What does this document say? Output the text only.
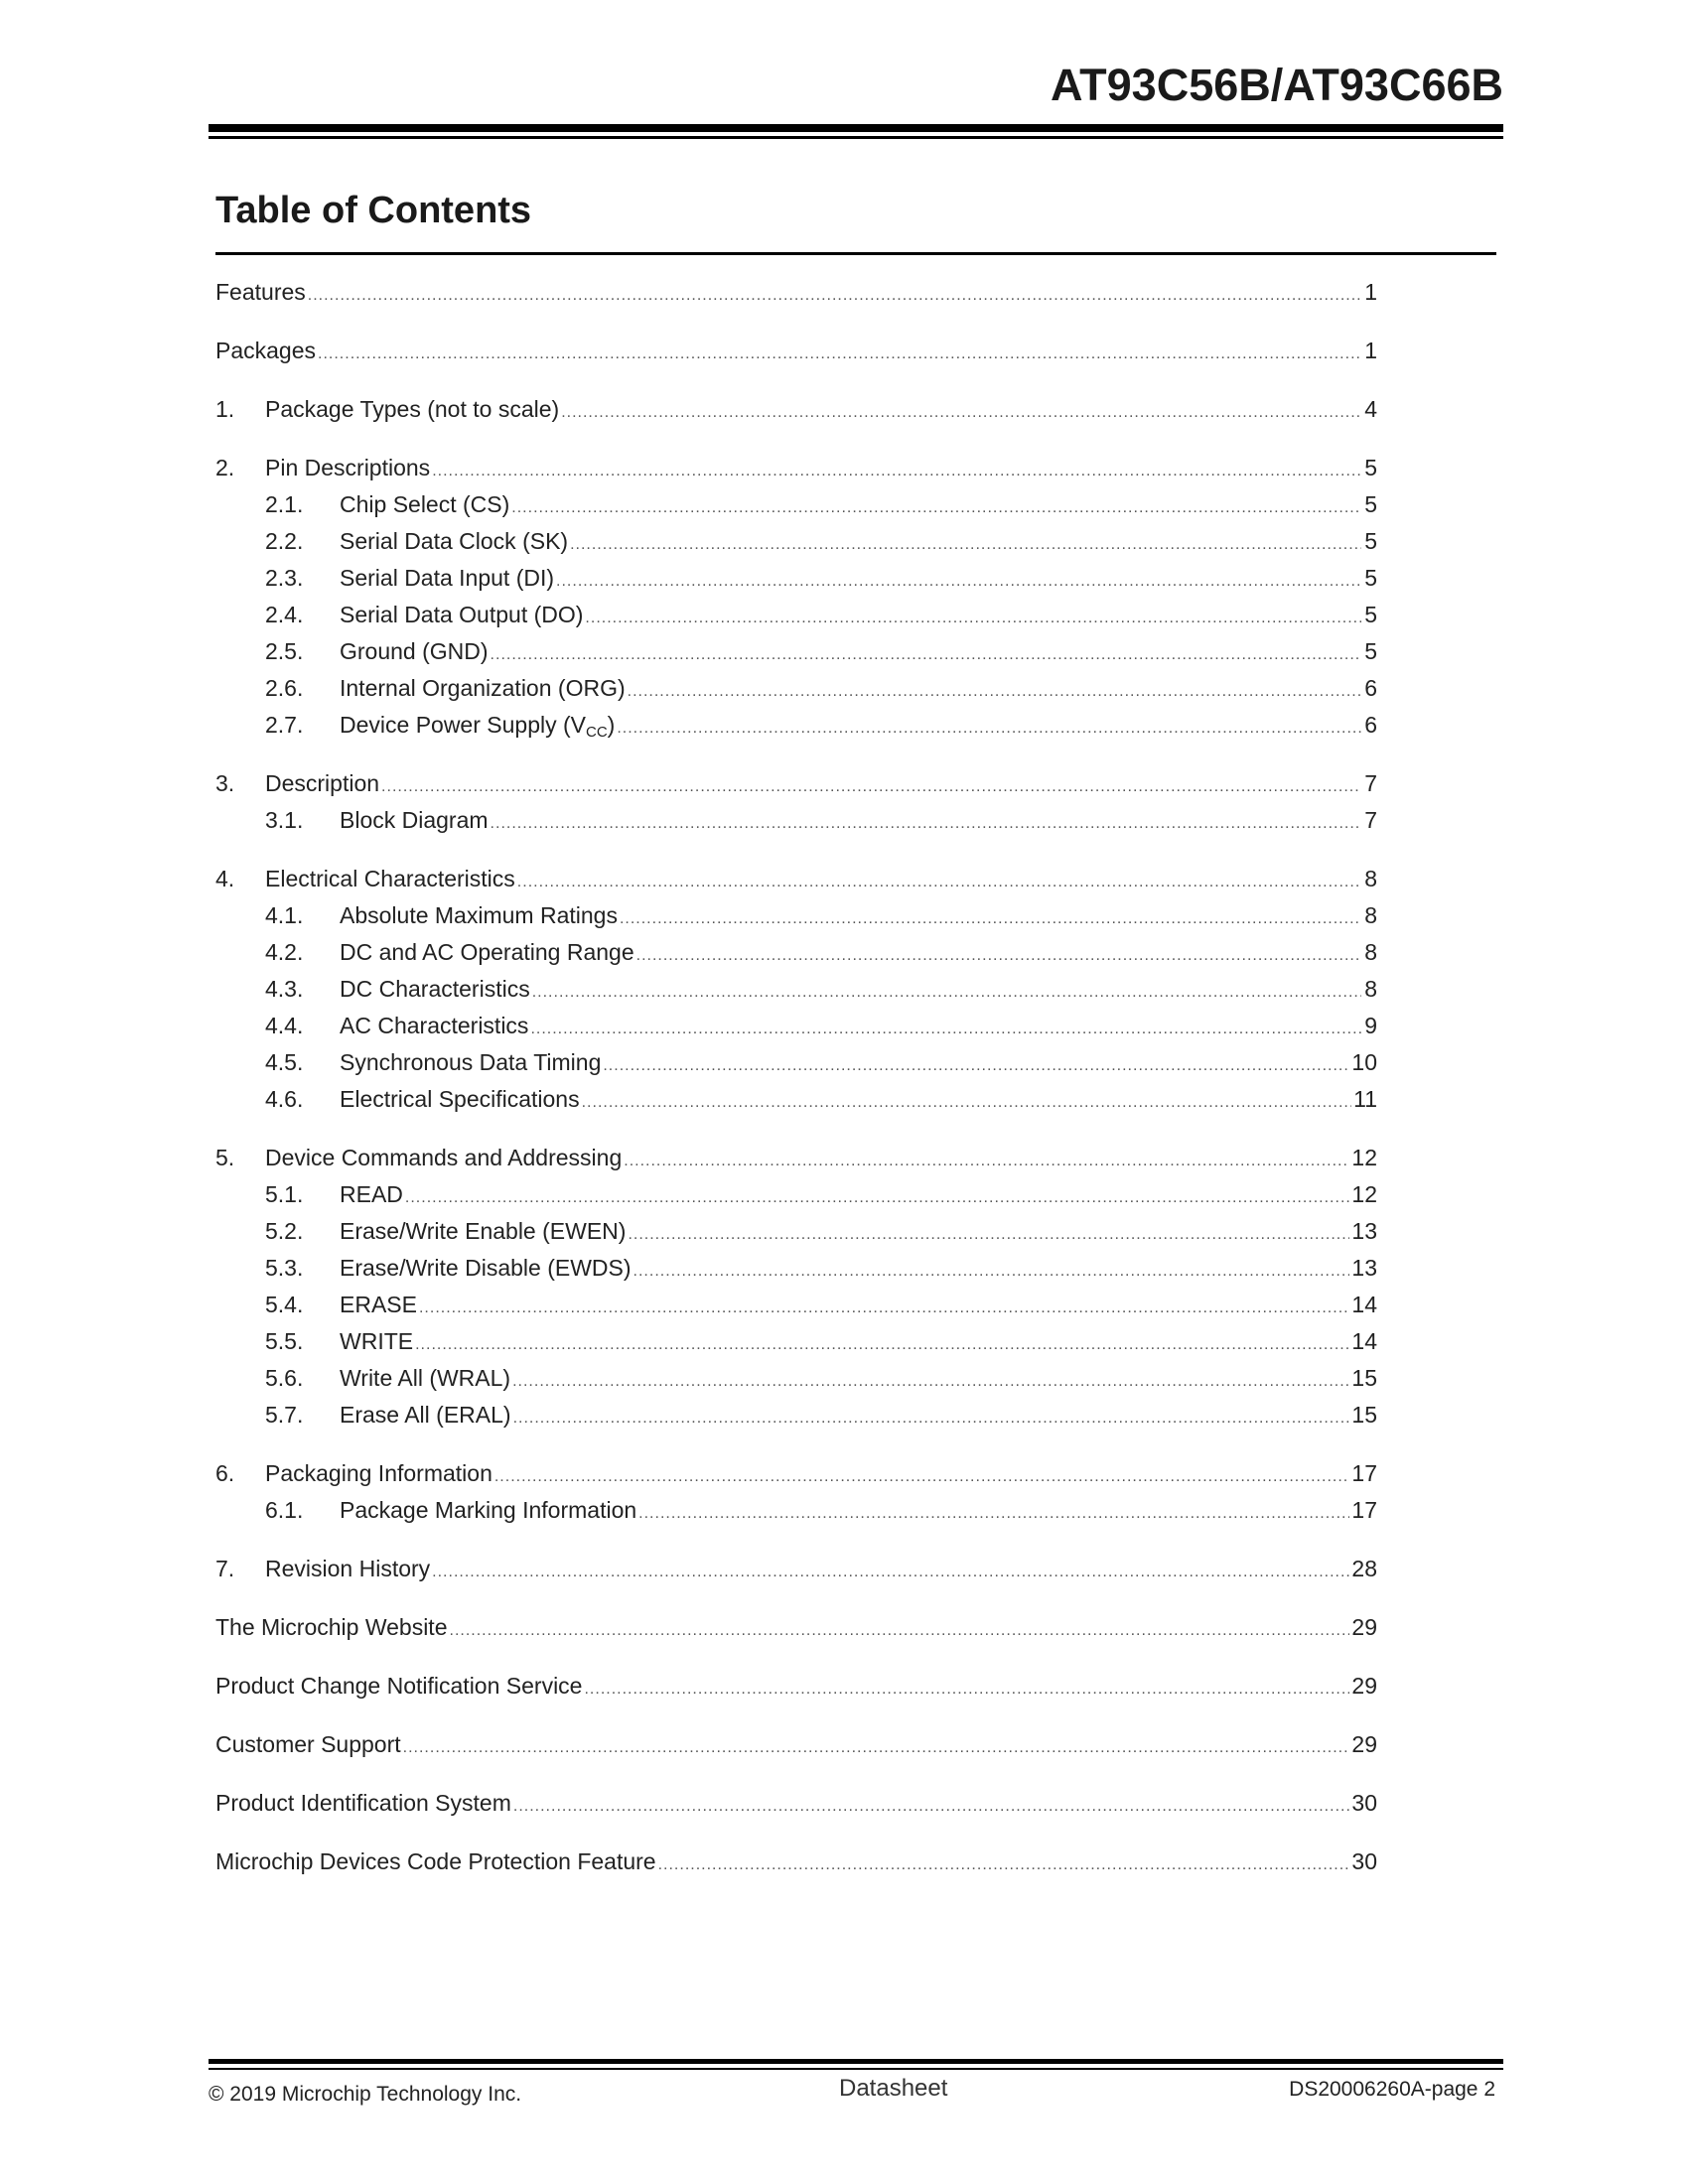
AT93C56B/AT93C66B
Table of Contents
Features .....	1
Packages .....	1
1.	Package Types (not to scale) .....	4
2.	Pin Descriptions .....	5
2.1.	Chip Select (CS) .....	5
2.2.	Serial Data Clock (SK) .....	5
2.3.	Serial Data Input (DI) .....	5
2.4.	Serial Data Output (DO) .....	5
2.5.	Ground (GND) .....	5
2.6.	Internal Organization (ORG) .....	6
2.7.	Device Power Supply $(V_{CC})$ .....	6
3.	Description .....	7
3.1.	Block Diagram .....	7
4.	Electrical Characteristics .....	8
4.1.	Absolute Maximum Ratings .....	8
4.2.	DC and AC Operating Range .....	8
4.3.	DC Characteristics .....	8
4.4.	AC Characteristics .....	9
4.5.	Synchronous Data Timing .....	10
4.6.	Electrical Specifications .....	11
5.	Device Commands and Addressing .....	12
5.1.	READ .....	12
5.2.	Erase/Write Enable (EWEN) .....	13
5.3.	Erase/Write Disable (EWDS) .....	13
5.4.	ERASE .....	14
5.5.	WRITE .....	14
5.6.	Write All (WRAL) .....	15
5.7.	Erase All (ERAL) .....	15
6.	Packaging Information .....	17
6.1.	Package Marking Information .....	17
7.	Revision History .....	28
The Microchip Website .....	29
Product Change Notification Service .....	29
Customer Support .....	29
Product Identification System .....	30
Microchip Devices Code Protection Feature .....	30
© 2019 Microchip Technology Inc.	Datasheet	DS20006260A-page 2
